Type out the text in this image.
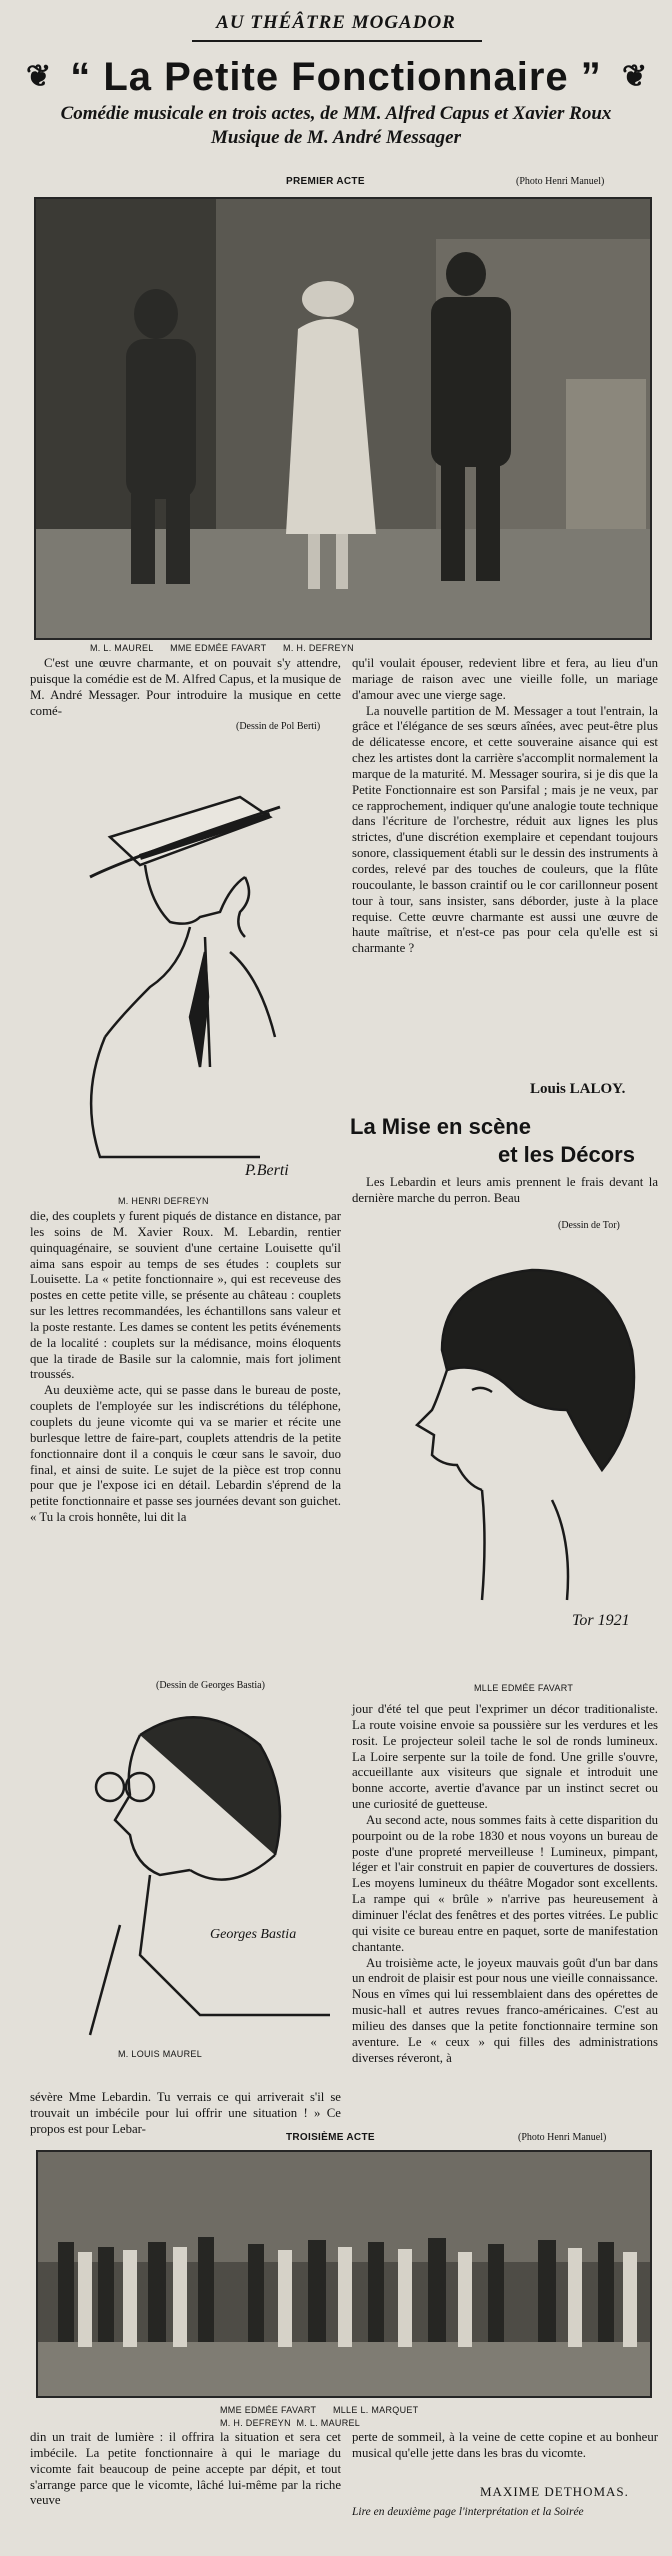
AU THÉÂTRE MOGADOR
❦	❦
“ La Petite Fonctionnaire ”
Comédie musicale en trois actes, de MM. Alfred Capus et Xavier Roux
Musique de M. André Messager
PREMIER ACTE	(Photo Henri Manuel)
M. L. MAUREL      MME EDMÉE FAVART      M. H. DEFREYN

C'est une œuvre charmante, et on pouvait s'y attendre, puisque la comédie est de M. Alfred Capus, et la musique de M. André Messager. Pour introduire la musique en cette comé-

(Dessin de Pol Berti)
P.Berti
M. HENRI DEFREYN

die, des couplets y furent piqués de distance en distance, par les soins de M. Xavier Roux. M. Lebardin, rentier quinquagénaire, se souvient d'une certaine Louisette qu'il aima sans espoir au temps de ses études : couplets sur Louisette. La « petite fonctionnaire », qui est receveuse des postes en cette petite ville, se présente au château : couplets sur les lettres recommandées, les échantillons sans valeur et la poste restante. Les dames se content les petits événements de la localité : couplets sur la médisance, moins éloquents que la tirade de Basile sur la calomnie, mais fort joliment troussés.

Au deuxième acte, qui se passe dans le bureau de poste, couplets de l'employée sur les indiscrétions du téléphone, couplets du jeune vicomte qui va se marier et récite une burlesque lettre de faire-part, couplets attendris de la petite fonctionnaire dont il a conquis le cœur sans le savoir, duo final, et ainsi de suite. Le sujet de la pièce est trop connu pour que je l'expose ici en détail. Lebardin s'éprend de la petite fonctionnaire et passe ses journées devant son guichet. « Tu la crois honnête, lui dit la

(Dessin de Georges Bastia)
Georges Bastia
M. LOUIS MAUREL

sévère Mme Lebardin. Tu verrais ce qui arriverait s'il se trouvait un imbécile pour lui offrir une situation ! » Ce propos est pour Lebar-

qu'il voulait épouser, redevient libre et fera, au lieu d'un mariage de raison avec une vieille folle, un mariage d'amour avec une vierge sage.

La nouvelle partition de M. Messager a tout l'entrain, la grâce et l'élégance de ses sœurs aînées, avec peut-être plus de délicatesse encore, et cette souveraine aisance qui est chez les artistes dont la carrière s'accomplit normalement la marque de la maturité. M. Messager sourira, si je dis que la Petite Fonctionnaire est son Parsifal ; mais je ne veux, par ce rapprochement, indiquer qu'une analogie toute technique dans l'écriture de l'orchestre, réduit aux lignes les plus strictes, d'une discrétion exemplaire et cependant toujours sonore, classiquement établi sur le dessin des instruments à cordes, relevé par des touches de couleurs, que la flûte roucoulante, le basson craintif ou le cor carillonneur posent tour à tour, sans insister, sans déborder, juste à la place requise. Cette œuvre charmante est aussi une œuvre de haute maîtrise, et n'est-ce pas pour cela qu'elle est si charmante ?

Louis LALOY.
La Mise en scène
et les Décors

Les Lebardin et leurs amis prennent le frais devant la dernière marche du perron. Beau

(Dessin de Tor)
Tor 1921
MLLE EDMÉE FAVART

jour d'été tel que peut l'exprimer un décor traditionaliste. La route voisine envoie sa poussière sur les verdures et les rosit. Le projecteur soleil tache le sol de ronds lumineux. La Loire serpente sur la toile de fond. Une grille s'ouvre, accueillante aux visiteurs que signale et introduit une bonne accorte, avertie d'avance par un instinct secret ou une curiosité de guetteuse.

Au second acte, nous sommes faits à cette disparition du pourpoint ou de la robe 1830 et nous voyons un bureau de poste d'une propreté merveilleuse ! Lumineux, pimpant, léger et l'air construit en papier de couvertures de dossiers. Les moyens lumineux du théâtre Mogador sont excellents. La rampe qui « brûle » n'arrive pas heureusement à diminuer l'éclat des fenêtres et des portes vitrées. Le public qui visite ce bureau entre en paquet, sorte de manifestation chantante.

Au troisième acte, le joyeux mauvais goût d'un bar dans un endroit de plaisir est pour nous une vieille connaissance. Nous en vîmes qui lui ressemblaient dans des opérettes de music-hall et autres revues franco-américaines. C'est au milieu des danses que la petite fonctionnaire termine son aventure. Le « ceux » qui filles des administrations diverses réveront, à

TROISIÈME ACTE	(Photo Henri Manuel)
MME EDMÉE FAVART      MLLE L. MARQUET
M. H. DEFREYN  M. L. MAUREL

din un trait de lumière : il offrira la situation et sera cet imbécile. La petite fonctionnaire à qui le mariage du vicomte fait beaucoup de peine accepte par dépit, et tout s'arrange parce que le vicomte, lâché lui-même par la riche veuve

perte de sommeil, à la veine de cette copine et au bonheur musical qu'elle jette dans les bras du vicomte.

MAXIME DETHOMAS.
Lire en deuxième page l'interprétation et la Soirée
